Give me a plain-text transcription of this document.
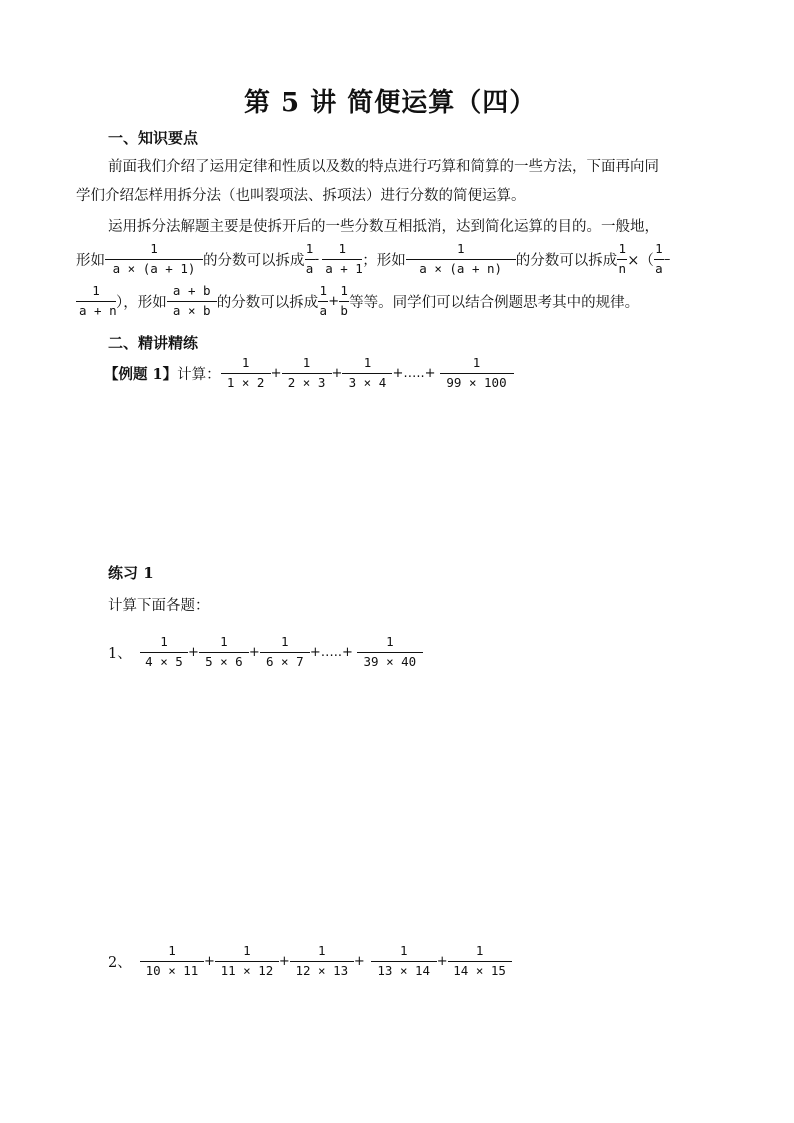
第 5 讲 简便运算（四）
一、知识要点
前面我们介绍了运用定律和性质以及数的特点进行巧算和简算的一些方法，下面再向同
学们介绍怎样用拆分法（也叫裂项法、拆项法）进行分数的简便运算。
运用拆分法解题主要是使拆开后的一些分数互相抵消，达到简化运算的目的。一般地，
形如 $\frac{1}{a \times (a + 1)}$ 的分数可以拆成 $\frac{1}{a} - \frac{1}{a + 1}$ ；形如 $\frac{1}{a \times (a + n)}$ 的分数可以拆成 $\frac{1}{n}$ ×（ $\frac{1}{a}$ –
$\frac{1}{a + n}$ ），形如 $\frac{a + b}{a \times b}$ 的分数可以拆成 $\frac{1}{a} + \frac{1}{b}$ 等等。同学们可以结合例题思考其中的规律。
二、精讲精练
【例题 1】 计算： $\frac{1}{1 \times 2} + \frac{1}{2 \times 3} + \frac{1}{3 \times 4}$ +…..+ $\frac{1}{99 \times 100}$
练习 1
计算下面各题：
1、 $\frac{1}{4 \times 5} + \frac{1}{5 \times 6} + \frac{1}{6 \times 7}$ +…..+ $\frac{1}{39 \times 40}$
2、 $\frac{1}{10 \times 11} + \frac{1}{11 \times 12} + \frac{1}{12 \times 13} + \frac{1}{13 \times 14} + \frac{1}{14 \times 15}$
